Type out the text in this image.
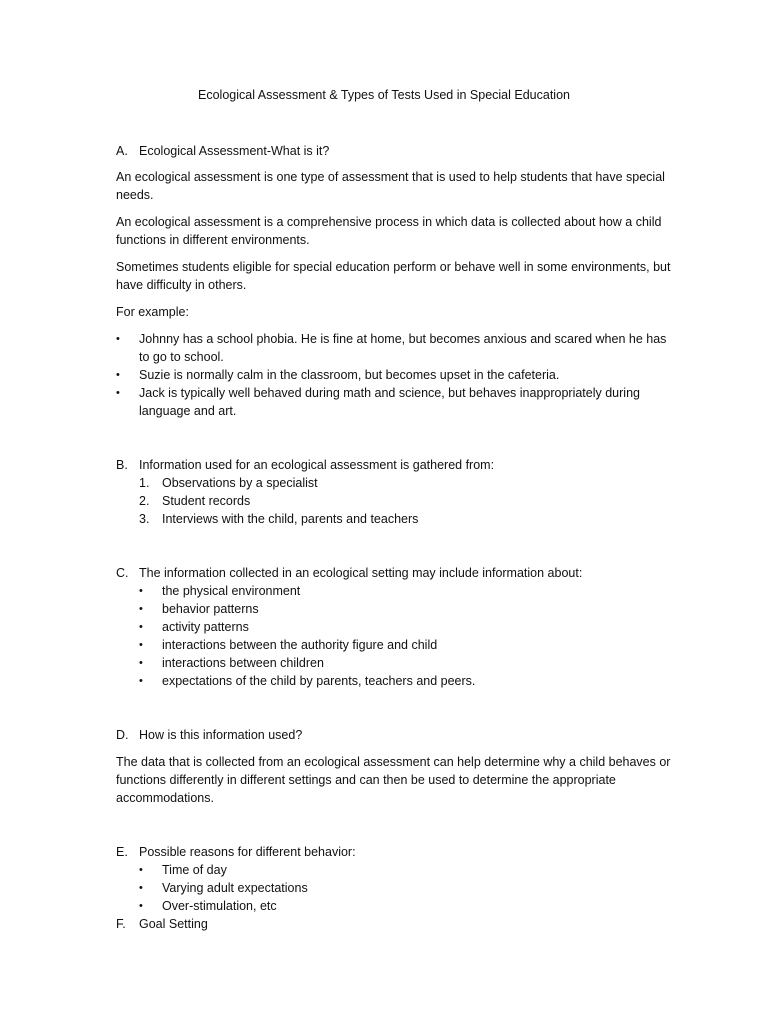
Ecological Assessment & Types of Tests Used in Special Education
A. Ecological Assessment-What is it?

An ecological assessment is one type of assessment that is used to help students that have special needs.

An ecological assessment is a comprehensive process in which data is collected about how a child functions in different environments.

Sometimes students eligible for special education perform or behave well in some environments, but have difficulty in others.

For example:

•	Johnny has a school phobia. He is fine at home, but becomes anxious and scared when he has to go to school.
•	Suzie is normally calm in the classroom, but becomes upset in the cafeteria.
•	Jack is typically well behaved during math and science, but behaves inappropriately during language and art.
B. Information used for an ecological assessment is gathered from:
1.	Observations by a specialist
2.	Student records
3.	Interviews with the child, parents and teachers
C. The information collected in an ecological setting may include information about:
•	the physical environment
•	behavior patterns
•	activity patterns
•	interactions between the authority figure and child
•	interactions between children
•	expectations of the child by parents, teachers and peers.
D. How is this information used?

The data that is collected from an ecological assessment can help determine why a child behaves or functions differently in different settings and can then be used to determine the appropriate accommodations.

E. Possible reasons for different behavior:
•	Time of day
•	Varying adult expectations
•	Over-stimulation, etc
F.	Goal Setting
